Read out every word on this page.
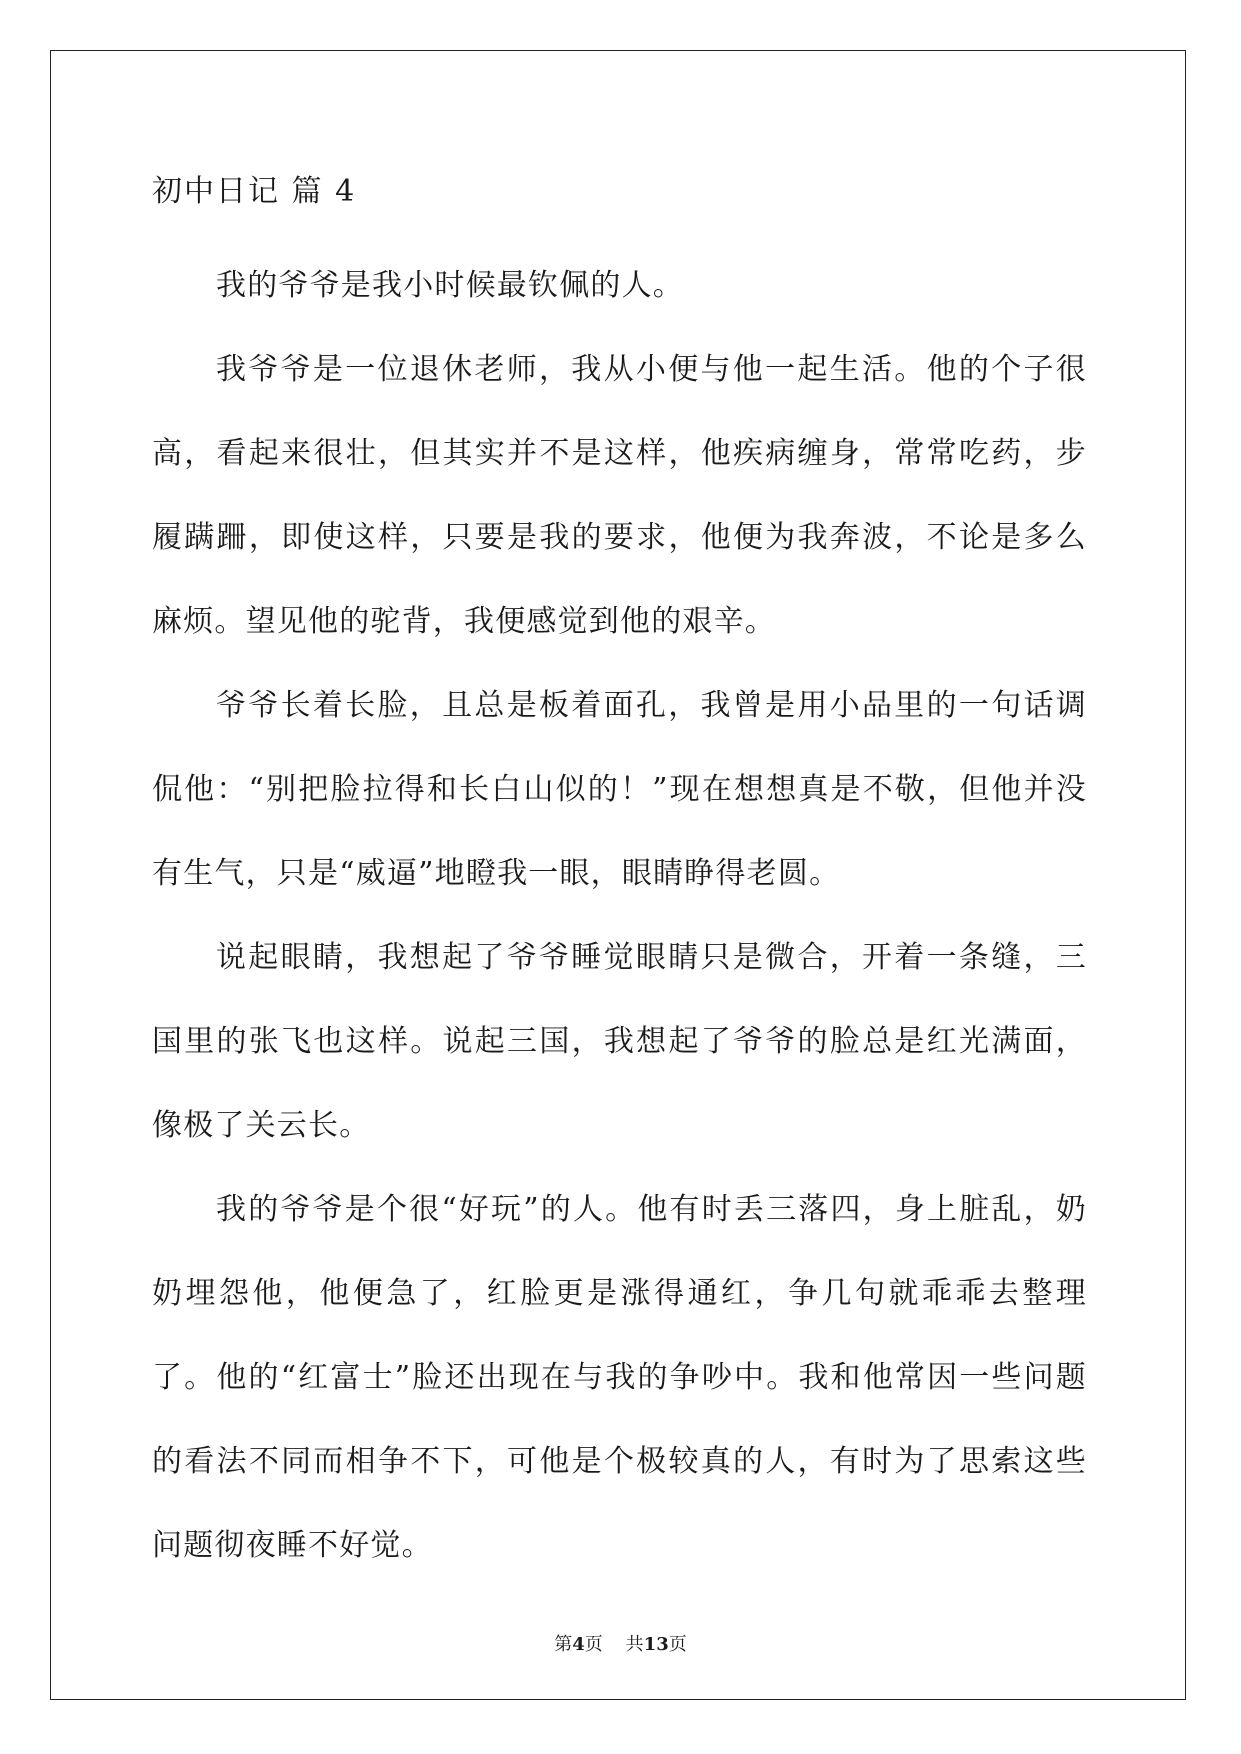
初中日记 篇 4

我的爷爷是我小时候最钦佩的人。

我爷爷是一位退休老师，我从小便与他一起生活。他的个子很高，看起来很壮，但其实并不是这样，他疾病缠身，常常吃药，步履蹒跚，即使这样，只要是我的要求，他便为我奔波，不论是多么麻烦。望见他的驼背，我便感觉到他的艰辛。

爷爷长着长脸，且总是板着面孔，我曾是用小品里的一句话调侃他：“别把脸拉得和长白山似的！”现在想想真是不敬，但他并没有生气，只是“威逼”地瞪我一眼，眼睛睁得老圆。

说起眼睛，我想起了爷爷睡觉眼睛只是微合，开着一条缝，三国里的张飞也这样。说起三国，我想起了爷爷的脸总是红光满面，像极了关云长。

我的爷爷是个很“好玩”的人。他有时丢三落四，身上脏乱，奶奶埋怨他，他便急了，红脸更是涨得通红，争几句就乖乖去整理了。他的“红富士”脸还出现在与我的争吵中。我和他常因一些问题的看法不同而相争不下，可他是个极较真的人，有时为了思索这些问题彻夜睡不好觉。

第4页 共13页
